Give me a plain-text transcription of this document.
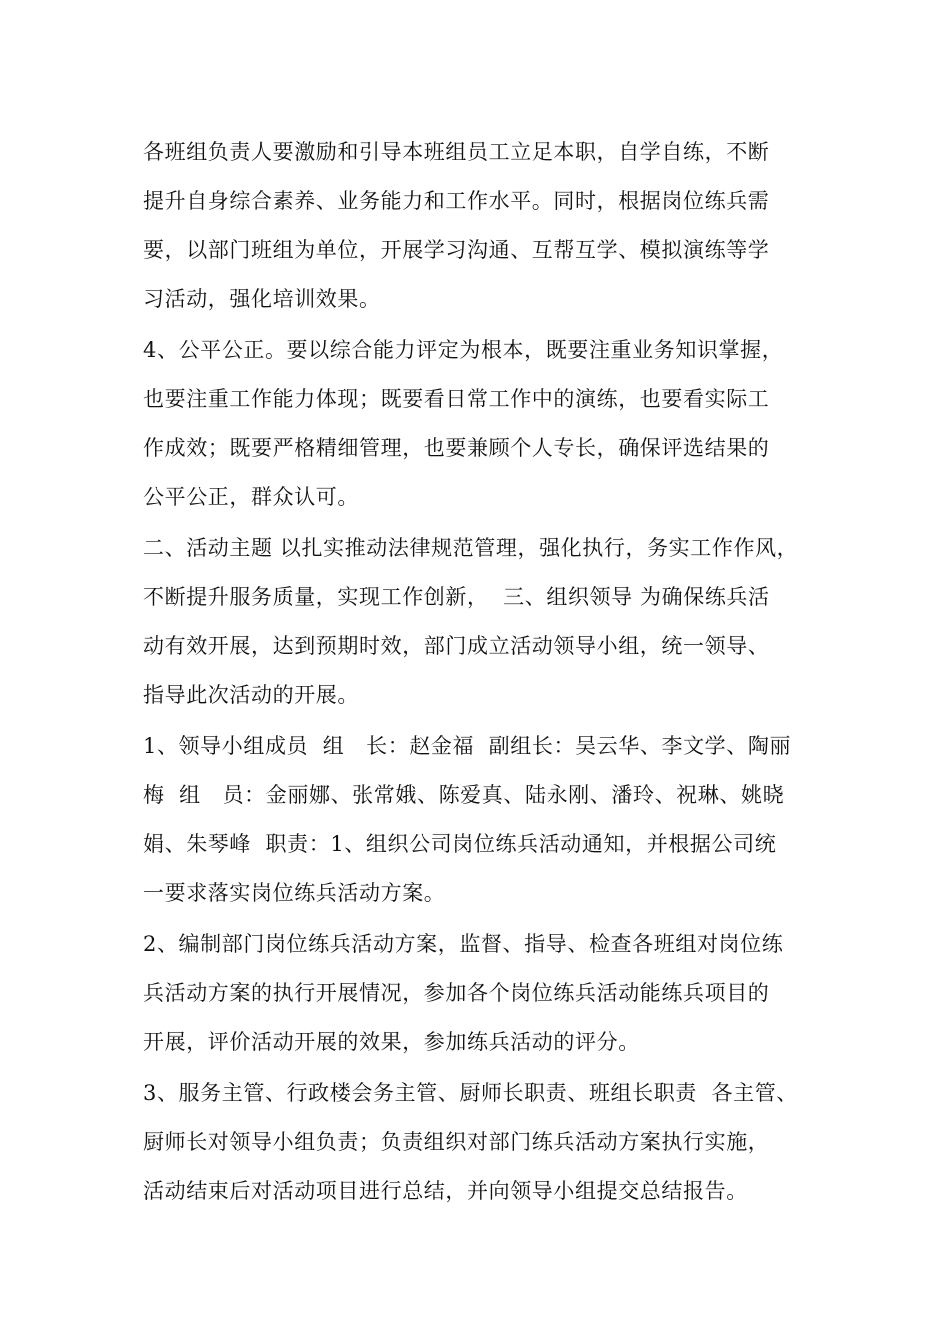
各班组负责人要激励和引导本班组员工立足本职，自学自练，不断
提升自身综合素养、业务能力和工作水平。同时，根据岗位练兵需
要，以部门班组为单位，开展学习沟通、互帮互学、模拟演练等学
习活动，强化培训效果。
4、公平公正。要以综合能力评定为根本，既要注重业务知识掌握，
也要注重工作能力体现；既要看日常工作中的演练，也要看实际工
作成效；既要严格精细管理，也要兼顾个人专长，确保评选结果的
公平公正，群众认可。
二、活动主题 以扎实推动法律规范管理，强化执行，务实工作作风，
不断提升服务质量，实现工作创新，  三、组织领导 为确保练兵活
动有效开展，达到预期时效，部门成立活动领导小组，统一领导、
指导此次活动的开展。
1、领导小组成员  组   长：赵金福  副组长：吴云华、李文学、陶丽
梅  组   员：金丽娜、张常娥、陈爱真、陆永刚、潘玲、祝琳、姚晓
娟、朱琴峰  职责：1、组织公司岗位练兵活动通知，并根据公司统
一要求落实岗位练兵活动方案。
2、编制部门岗位练兵活动方案，监督、指导、检查各班组对岗位练
兵活动方案的执行开展情况，参加各个岗位练兵活动能练兵项目的
开展，评价活动开展的效果，参加练兵活动的评分。
3、服务主管、行政楼会务主管、厨师长职责、班组长职责  各主管、
厨师长对领导小组负责；负责组织对部门练兵活动方案执行实施，
活动结束后对活动项目进行总结，并向领导小组提交总结报告。
